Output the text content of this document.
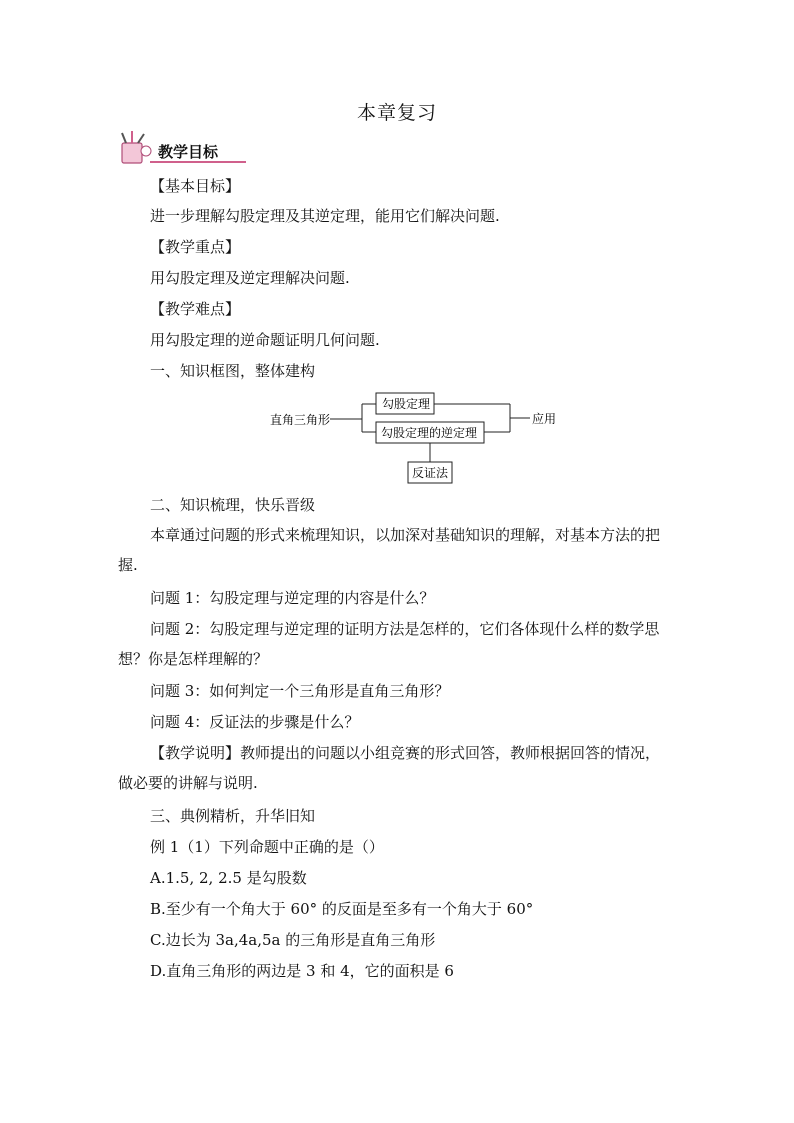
本章复习
教学目标
【基本目标】
进一步理解勾股定理及其逆定理，能用它们解决问题.
【教学重点】
用勾股定理及逆定理解决问题.
【教学难点】
用勾股定理的逆命题证明几何问题.
一、知识框图，整体建构
直角三角形
勾股定理
勾股定理的逆定理
应用
反证法
二、知识梳理，快乐晋级
本章通过问题的形式来梳理知识，以加深对基础知识的理解，对基本方法的把握.
问题 1：勾股定理与逆定理的内容是什么？
问题 2：勾股定理与逆定理的证明方法是怎样的，它们各体现什么样的数学思想？你是怎样理解的？
问题 3：如何判定一个三角形是直角三角形？
问题 4：反证法的步骤是什么？
【教学说明】教师提出的问题以小组竞赛的形式回答，教师根据回答的情况，做必要的讲解与说明.
三、典例精析，升华旧知
例 1（1）下列命题中正确的是（）
A.1.5, 2, 2.5 是勾股数
B.至少有一个角大于 60° 的反面是至多有一个角大于 60°
C.边长为 3a,4a,5a 的三角形是直角三角形
D.直角三角形的两边是 3 和 4，它的面积是 6
